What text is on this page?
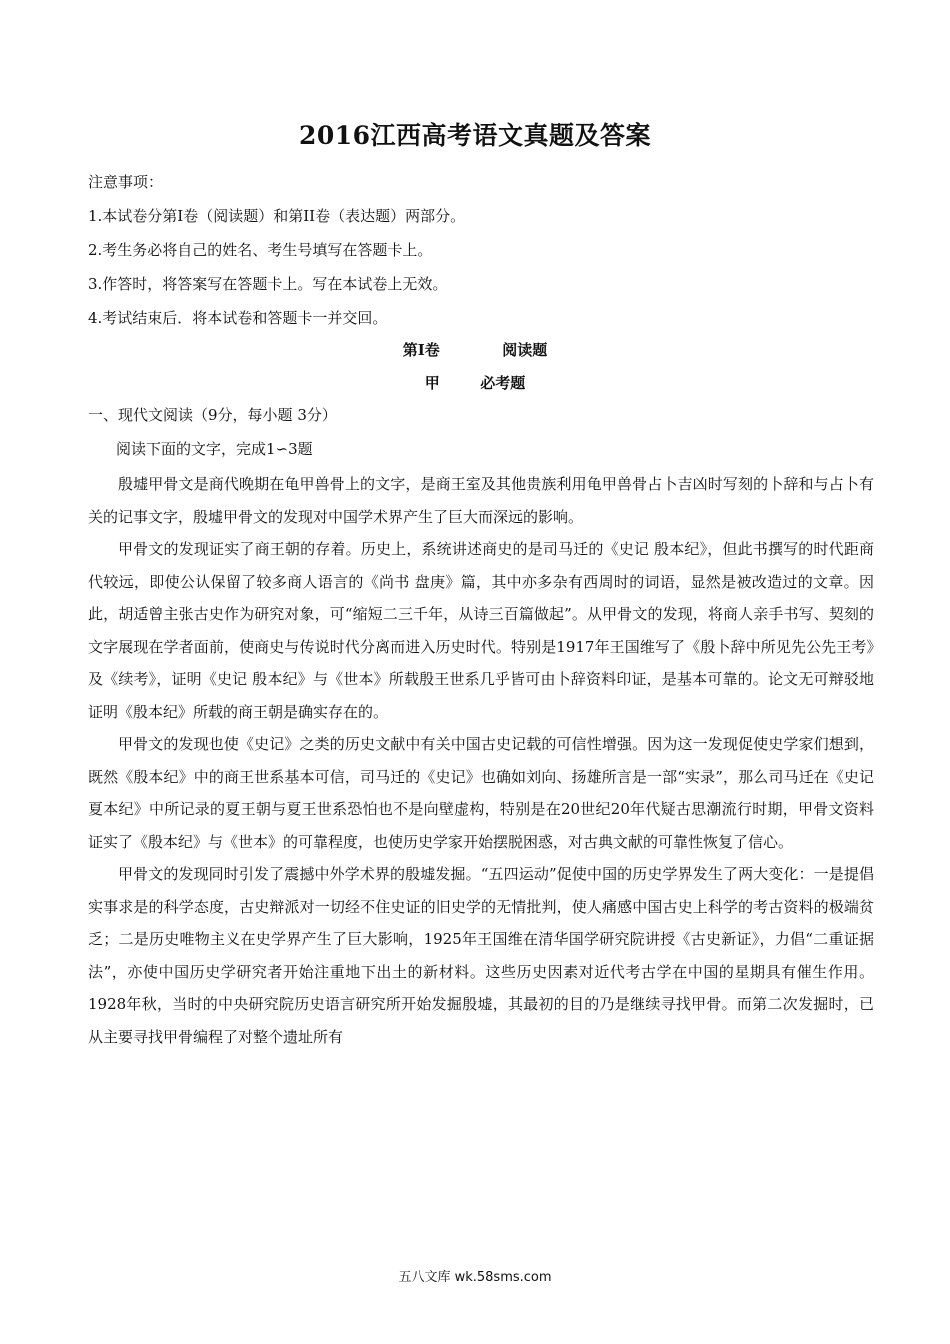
2016江西高考语文真题及答案
注意事项：
1.本试卷分第Ⅰ卷（阅读题）和第II卷（表达题）两部分。
2.考生务必将自己的姓名、考生号填写在答题卡上。
3.作答时，将答案写在答题卡上。写在本试卷上无效。
4.考试结束后．将本试卷和答题卡一并交回。
第Ⅰ卷	阅读题
甲	必考题
一、现代文阅读（9分，每小题 3分）
阅读下面的文字，完成1∽3题

殷墟甲骨文是商代晚期在龟甲兽骨上的文字，是商王室及其他贵族利用龟甲兽骨占卜吉凶时写刻的卜辞和与占卜有关的记事文字，殷墟甲骨文的发现对中国学术界产生了巨大而深远的影响。

甲骨文的发现证实了商王朝的存着。历史上，系统讲述商史的是司马迁的《史记 殷本纪》，但此书撰写的时代距商代较远，即使公认保留了较多商人语言的《尚书 盘庚》篇，其中亦多杂有西周时的词语，显然是被改造过的文章。因此，胡适曾主张古史作为研究对象，可“缩短二三千年，从诗三百篇做起”。从甲骨文的发现，将商人亲手书写、契刻的文字展现在学者面前，使商史与传说时代分离而进入历史时代。特别是1917年王国维写了《殷卜辞中所见先公先王考》及《续考》，证明《史记 殷本纪》与《世本》所载殷王世系几乎皆可由卜辞资料印证，是基本可靠的。论文无可辩驳地证明《殷本纪》所载的商王朝是确实存在的。

甲骨文的发现也使《史记》之类的历史文献中有关中国古史记载的可信性增强。因为这一发现促使史学家们想到，既然《殷本纪》中的商王世系基本可信，司马迁的《史记》也确如刘向、扬雄所言是一部“实录”，那么司马迁在《史记 夏本纪》中所记录的夏王朝与夏王世系恐怕也不是向壁虚构，特别是在20世纪20年代疑古思潮流行时期，甲骨文资料证实了《殷本纪》与《世本》的可靠程度，也使历史学家开始摆脱困惑，对古典文献的可靠性恢复了信心。

甲骨文的发现同时引发了震撼中外学术界的殷墟发掘。“五四运动”促使中国的历史学界发生了两大变化：一是提倡实事求是的科学态度，古史辩派对一切经不住史证的旧史学的无情批判，使人痛感中国古史上科学的考古资料的极端贫乏；二是历史唯物主义在史学界产生了巨大影响，1925年王国维在清华国学研究院讲授《古史新证》，力倡“二重证据法”，亦使中国历史学研究者开始注重地下出土的新材料。这些历史因素对近代考古学在中国的星期具有催生作用。1928年秋，当时的中央研究院历史语言研究所开始发掘殷墟，其最初的目的乃是继续寻找甲骨。而第二次发掘时，已从主要寻找甲骨编程了对整个遗址所有

五八文库 wk.58sms.com
